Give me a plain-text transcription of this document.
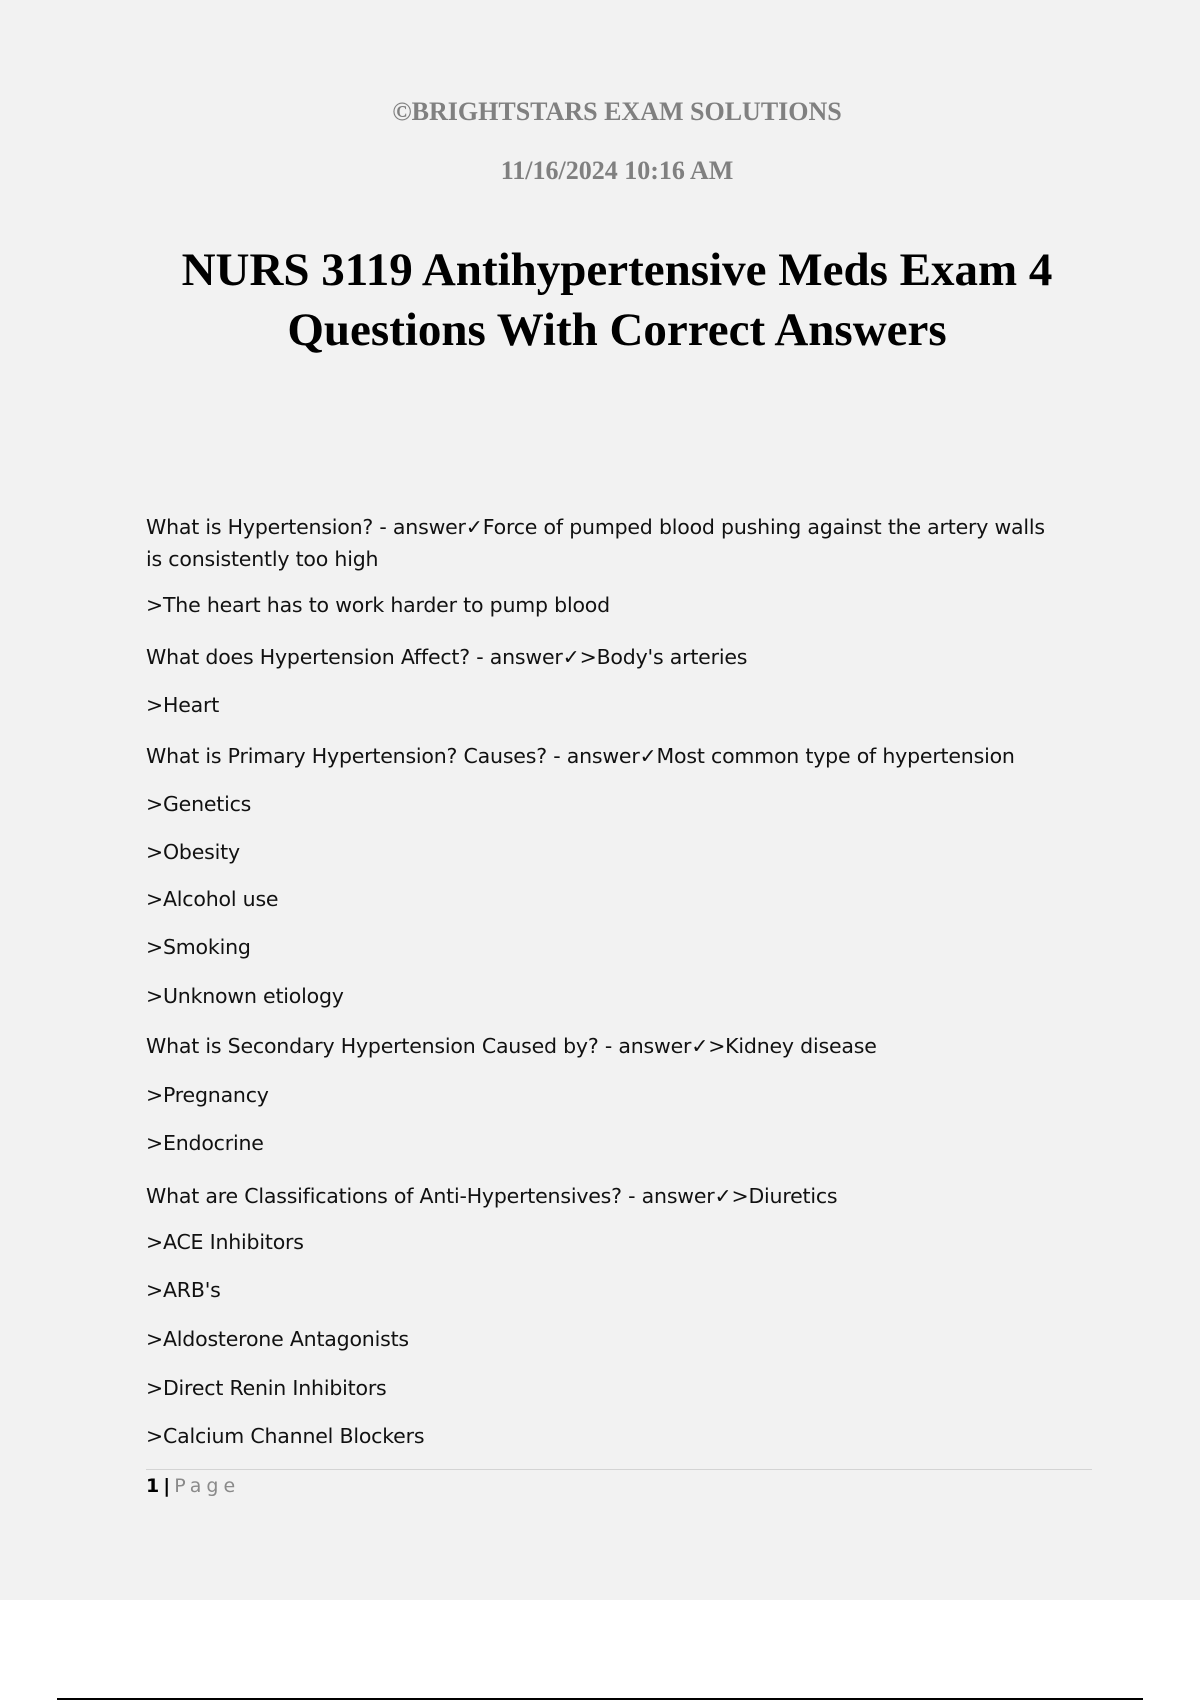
©BRIGHTSTARS EXAM SOLUTIONS
11/16/2024 10:16 AM
NURS 3119 Antihypertensive Meds Exam 4
Questions With Correct Answers

What is Hypertension? - answer✓Force of pumped blood pushing against the artery walls is consistently too high

>The heart has to work harder to pump blood

What does Hypertension Affect? - answer✓>Body's arteries

>Heart

What is Primary Hypertension? Causes? - answer✓Most common type of hypertension

>Genetics

>Obesity

>Alcohol use

>Smoking

>Unknown etiology

What is Secondary Hypertension Caused by? - answer✓>Kidney disease

>Pregnancy

>Endocrine

What are Classifications of Anti-Hypertensives? - answer✓>Diuretics

>ACE Inhibitors

>ARB's

>Aldosterone Antagonists

>Direct Renin Inhibitors

>Calcium Channel Blockers

1 | Page
